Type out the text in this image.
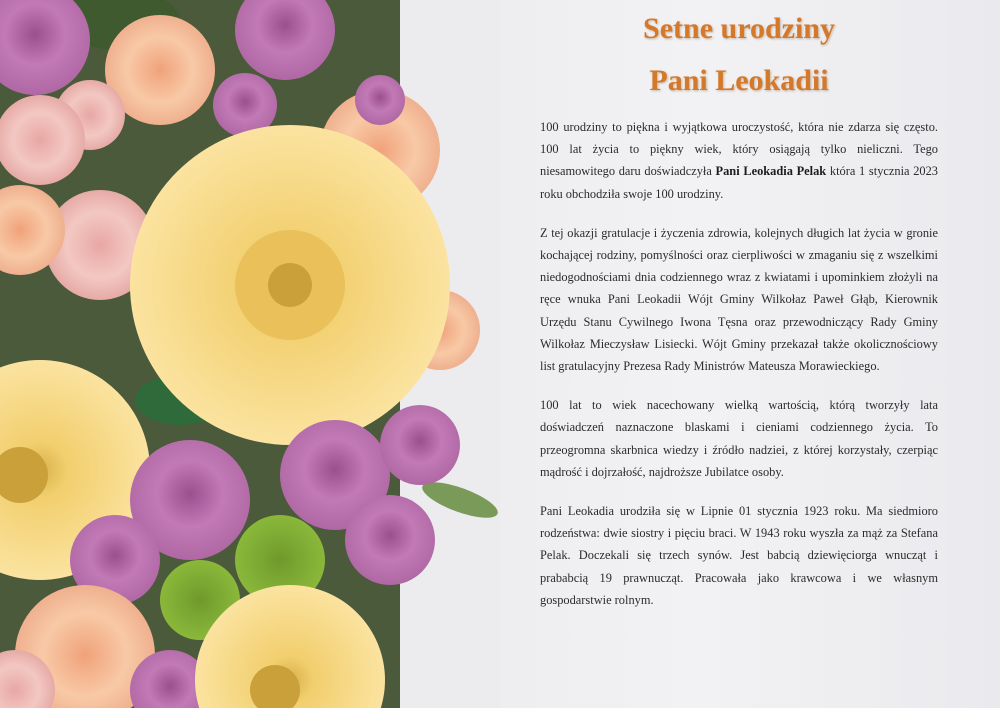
Setne urodziny
Pani Leokadii

100 urodziny to piękna i wyjątkowa uroczystość, która nie zdarza się często. 100 lat życia to piękny wiek, który osiągają tylko nieliczni. Tego niesamowitego daru doświadczyła Pani Leokadia Pelak która 1 stycznia 2023 roku obchodziła swoje 100 urodziny.

Z tej okazji gratulacje i życzenia zdrowia, kolejnych długich lat życia w gronie kochającej rodziny, pomyślności oraz cierpliwości w zmaganiu się z wszelkimi niedogodnościami dnia codziennego wraz z kwiatami i upominkiem złożyli na ręce wnuka Pani Leokadii Wójt Gminy Wilkołaz Paweł Głąb, Kierownik Urzędu Stanu Cywilnego Iwona Tęsna oraz przewodniczący Rady Gminy Wilkołaz Mieczysław Lisiecki. Wójt Gminy przekazał także okolicznościowy list gratulacyjny Prezesa Rady Ministrów Mateusza Morawieckiego.

100 lat to wiek nacechowany wielką wartością, którą tworzyły lata doświadczeń naznaczone blaskami i cieniami codziennego życia. To przeogromna skarbnica wiedzy i źródło nadziei, z której korzystały, czerpiąc mądrość i dojrzałość, najdroższe Jubilatce osoby.

Pani Leokadia urodziła się w Lipnie 01 stycznia 1923 roku. Ma siedmioro rodzeństwa: dwie siostry i pięciu braci. W 1943 roku wyszła za mąż za Stefana Pelak. Doczekali się trzech synów. Jest babcią dziewięciorga wnucząt i prababcią 19 prawnucząt. Pracowała jako krawcowa i we własnym gospodarstwie rolnym.
